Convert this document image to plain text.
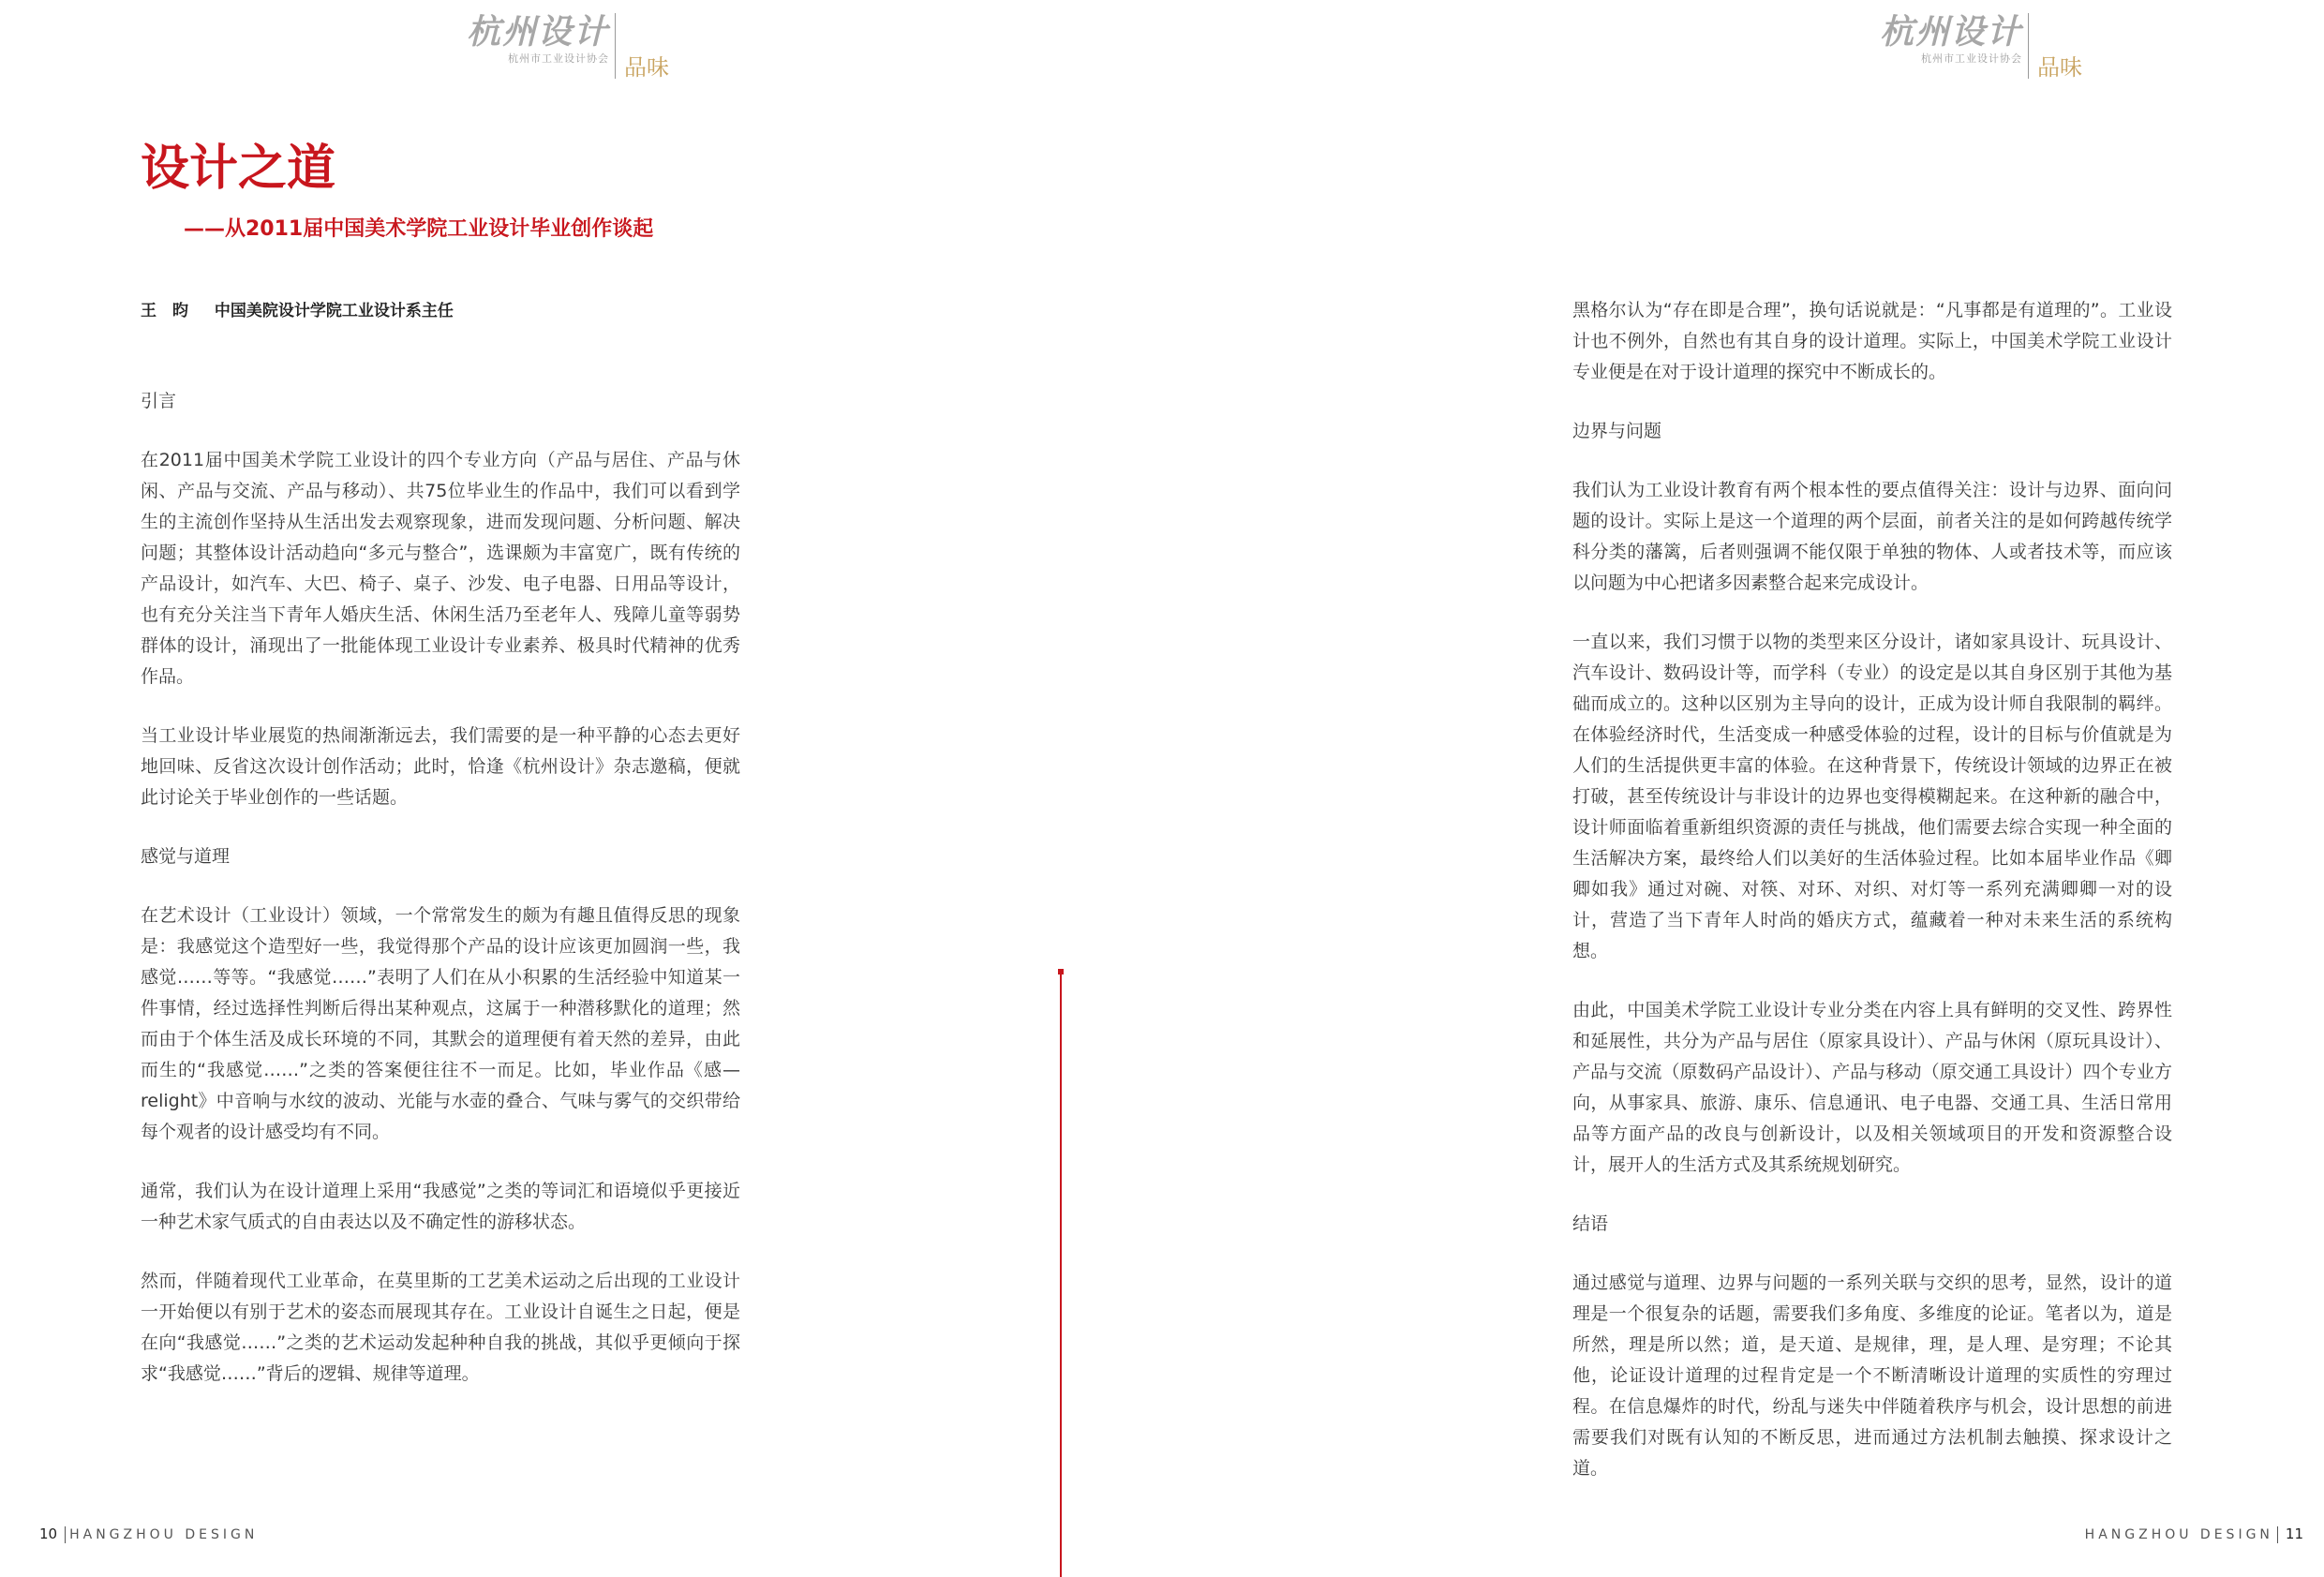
杭州设计
杭州市工业设计协会 品味
设计之道
——从2011届中国美术学院工业设计毕业创作谈起
王　昀 中国美院设计学院工业设计系主任
引言

在2011届中国美术学院工业设计的四个专业方向（产品与居住、产品与休闲、产品与交流、产品与移动）、共75位毕业生的作品中，我们可以看到学生的主流创作坚持从生活出发去观察现象，进而发现问题、分析问题、解决问题；其整体设计活动趋向“多元与整合”，选课颇为丰富宽广，既有传统的产品设计，如汽车、大巴、椅子、桌子、沙发、电子电器、日用品等设计，也有充分关注当下青年人婚庆生活、休闲生活乃至老年人、残障儿童等弱势群体的设计，涌现出了一批能体现工业设计专业素养、极具时代精神的优秀作品。

当工业设计毕业展览的热闹渐渐远去，我们需要的是一种平静的心态去更好地回味、反省这次设计创作活动；此时，恰逢《杭州设计》杂志邀稿，便就此讨论关于毕业创作的一些话题。

感觉与道理

在艺术设计（工业设计）领域，一个常常发生的颇为有趣且值得反思的现象是：我感觉这个造型好一些，我觉得那个产品的设计应该更加圆润一些，我感觉……等等。“我感觉……”表明了人们在从小积累的生活经验中知道某一件事情，经过选择性判断后得出某种观点，这属于一种潜移默化的道理；然而由于个体生活及成长环境的不同，其默会的道理便有着天然的差异，由此而生的“我感觉……”之类的答案便往往不一而足。比如，毕业作品《感—relight》中音响与水纹的波动、光能与水壶的叠合、气味与雾气的交织带给每个观者的设计感受均有不同。

通常，我们认为在设计道理上采用“我感觉”之类的等词汇和语境似乎更接近一种艺术家气质式的自由表达以及不确定性的游移状态。

然而，伴随着现代工业革命，在莫里斯的工艺美术运动之后出现的工业设计一开始便以有别于艺术的姿态而展现其存在。工业设计自诞生之日起，便是在向“我感觉……”之类的艺术运动发起种种自我的挑战，其似乎更倾向于探求“我感觉……”背后的逻辑、规律等道理。

10 HANGZHOU DESIGN
杭州设计
杭州市工业设计协会 品味

黑格尔认为“存在即是合理”，换句话说就是：“凡事都是有道理的”。工业设计也不例外，自然也有其自身的设计道理。实际上，中国美术学院工业设计专业便是在对于设计道理的探究中不断成长的。

边界与问题

我们认为工业设计教育有两个根本性的要点值得关注：设计与边界、面向问题的设计。实际上是这一个道理的两个层面，前者关注的是如何跨越传统学科分类的藩篱，后者则强调不能仅限于单独的物体、人或者技术等，而应该以问题为中心把诸多因素整合起来完成设计。

一直以来，我们习惯于以物的类型来区分设计，诸如家具设计、玩具设计、汽车设计、数码设计等，而学科（专业）的设定是以其自身区别于其他为基础而成立的。这种以区别为主导向的设计，正成为设计师自我限制的羁绊。在体验经济时代，生活变成一种感受体验的过程，设计的目标与价值就是为人们的生活提供更丰富的体验。在这种背景下，传统设计领域的边界正在被打破，甚至传统设计与非设计的边界也变得模糊起来。在这种新的融合中，设计师面临着重新组织资源的责任与挑战，他们需要去综合实现一种全面的生活解决方案，最终给人们以美好的生活体验过程。比如本届毕业作品《卿卿如我》通过对碗、对筷、对环、对织、对灯等一系列充满卿卿一对的设计，营造了当下青年人时尚的婚庆方式，蕴藏着一种对未来生活的系统构想。

由此，中国美术学院工业设计专业分类在内容上具有鲜明的交叉性、跨界性和延展性，共分为产品与居住（原家具设计）、产品与休闲（原玩具设计）、产品与交流（原数码产品设计）、产品与移动（原交通工具设计）四个专业方向，从事家具、旅游、康乐、信息通讯、电子电器、交通工具、生活日常用品等方面产品的改良与创新设计，以及相关领域项目的开发和资源整合设计，展开人的生活方式及其系统规划研究。

结语

通过感觉与道理、边界与问题的一系列关联与交织的思考，显然，设计的道理是一个很复杂的话题，需要我们多角度、多维度的论证。笔者以为，道是所然，理是所以然；道，是天道、是规律，理，是人理、是穷理；不论其他，论证设计道理的过程肯定是一个不断清晰设计道理的实质性的穷理过程。在信息爆炸的时代，纷乱与迷失中伴随着秩序与机会，设计思想的前进需要我们对既有认知的不断反思，进而通过方法机制去触摸、探求设计之道。

HANGZHOU DESIGN 11
